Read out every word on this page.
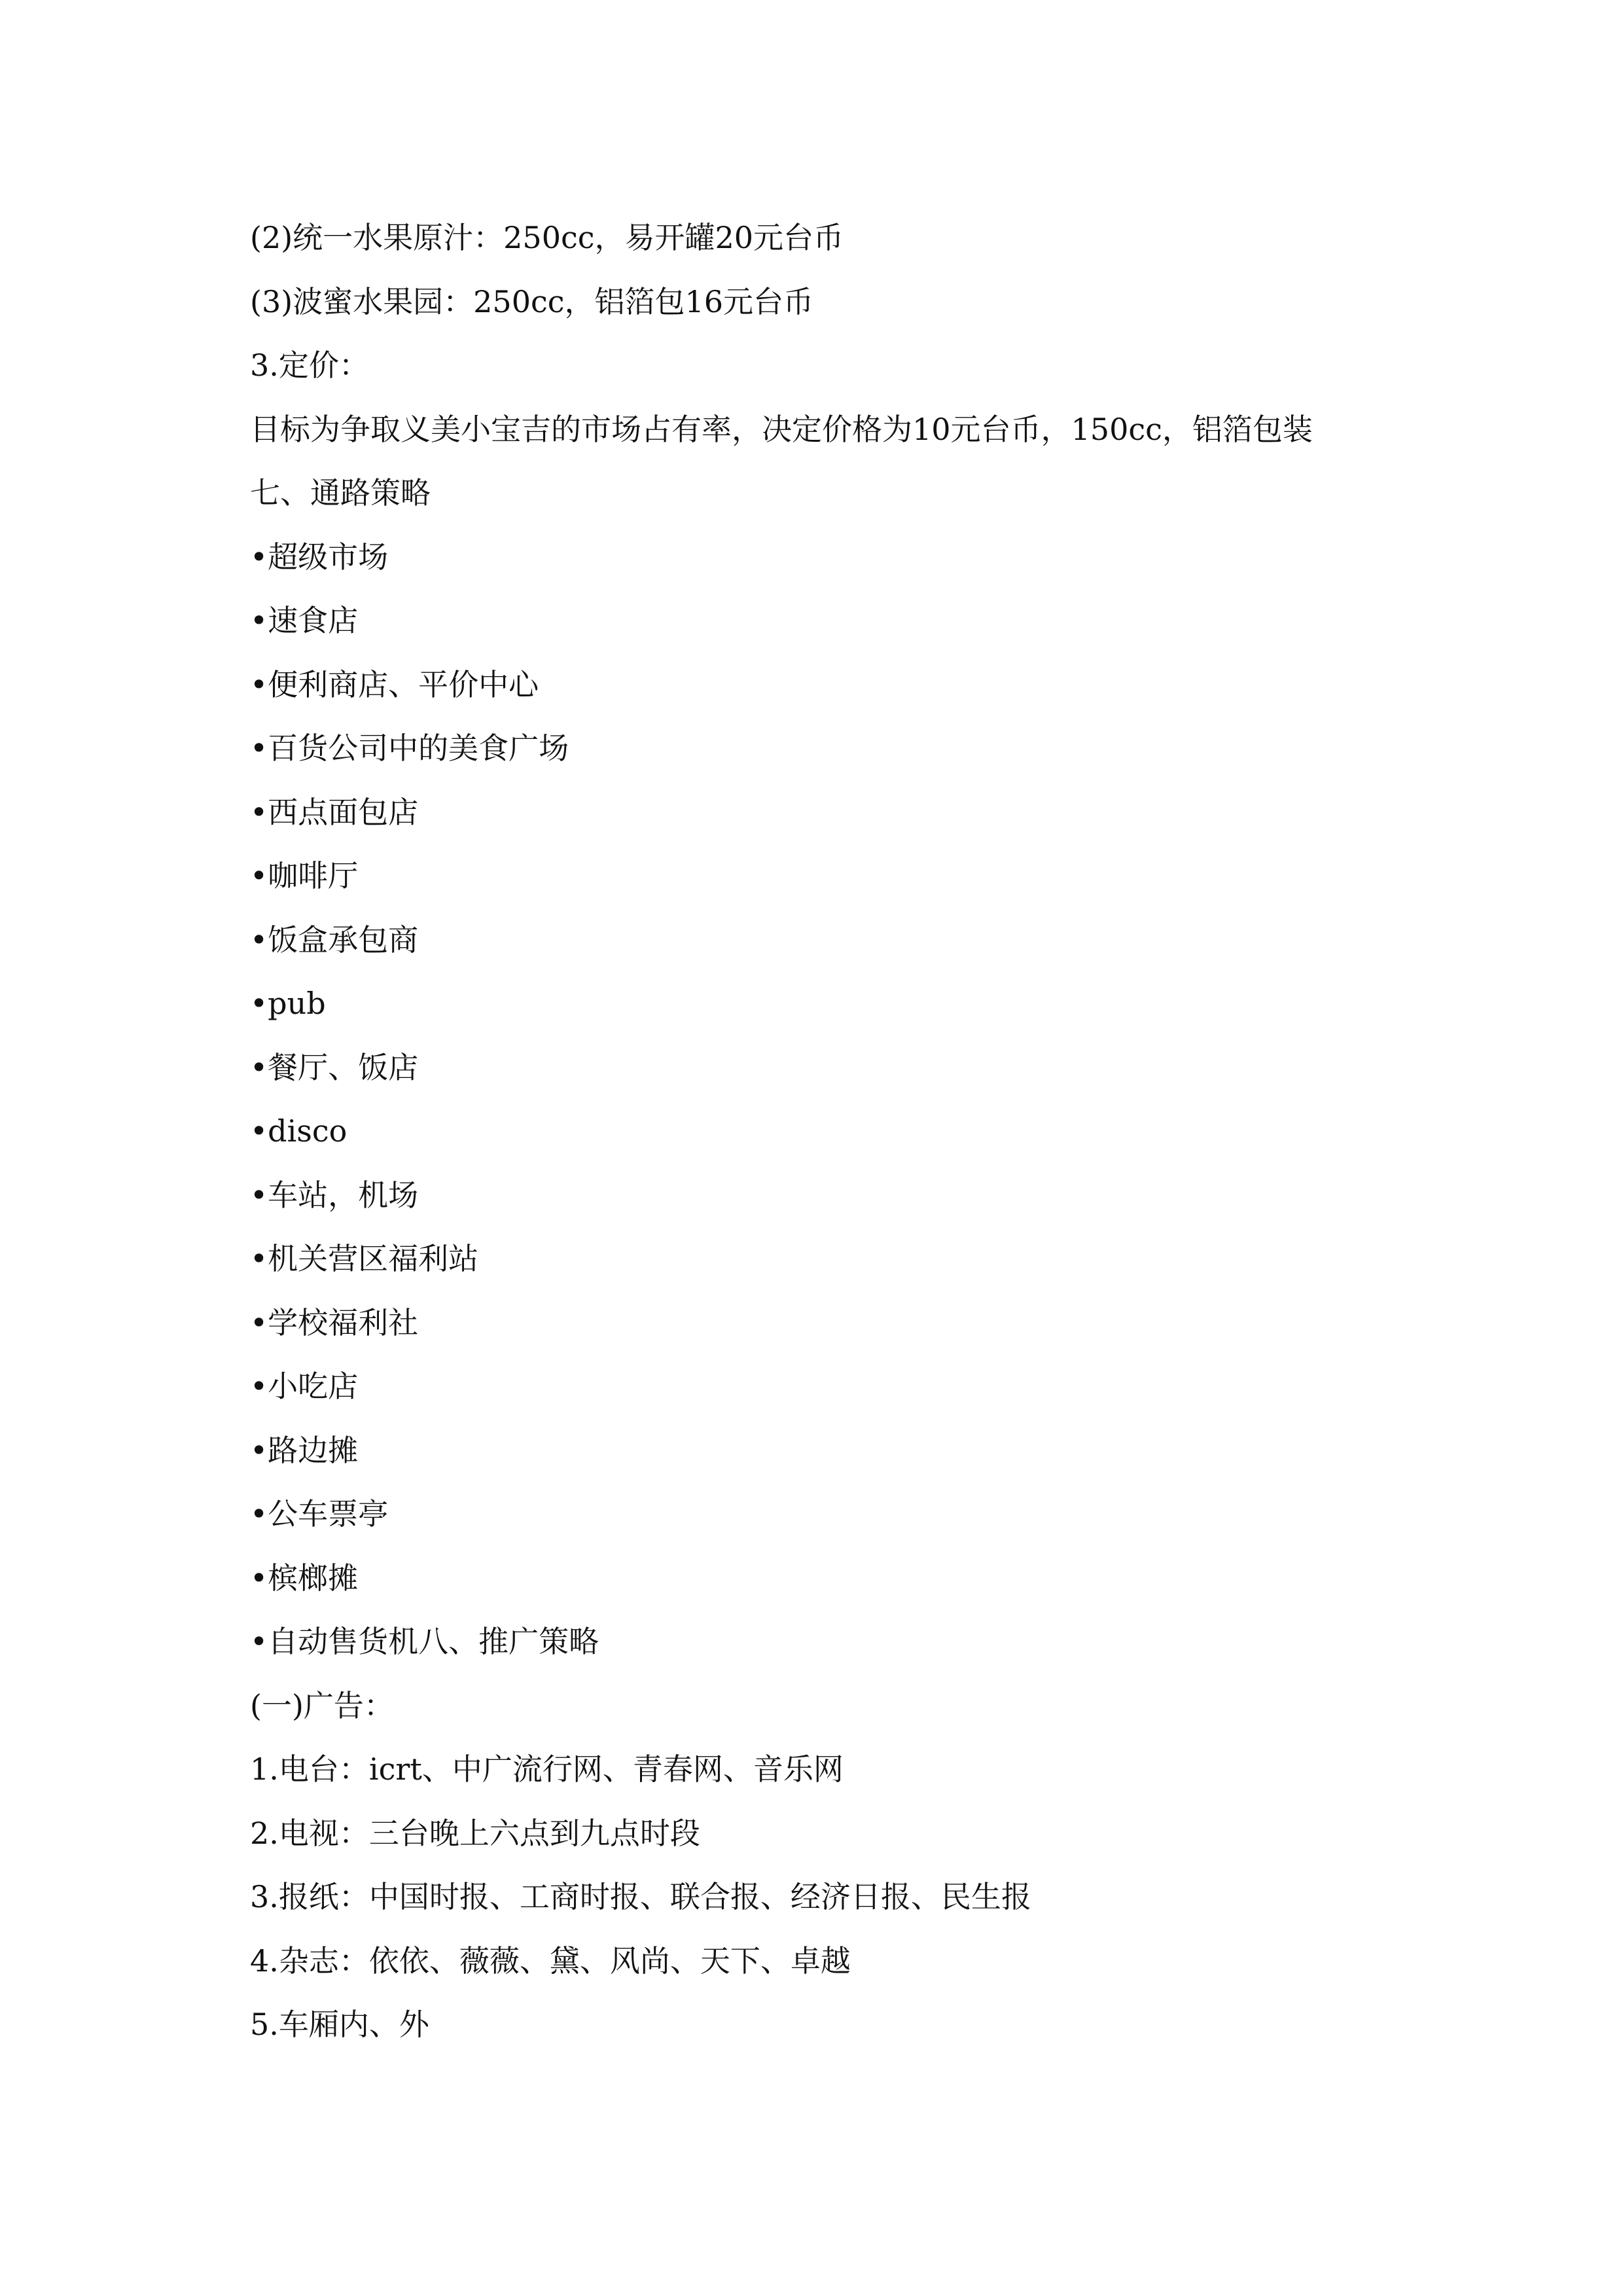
(2)统一水果原汁：250cc，易开罐20元台币
(3)波蜜水果园：250cc，铝箔包16元台币
3.定价：
目标为争取义美小宝吉的市场占有率，决定价格为10元台币，150cc，铝箔包装
七、通路策略
•超级市场
•速食店
•便利商店、平价中心
•百货公司中的美食广场
•西点面包店
•咖啡厅
•饭盒承包商
•pub
•餐厅、饭店
•disco
•车站，机场
•机关营区福利站
•学校福利社
•小吃店
•路边摊
•公车票亭
•槟榔摊
•自动售货机八、推广策略
(一)广告：
1.电台：icrt、中广流行网、青春网、音乐网
2.电视：三台晚上六点到九点时段
3.报纸：中国时报、工商时报、联合报、经济日报、民生报
4.杂志：依依、薇薇、黛、风尚、天下、卓越
5.车厢内、外
